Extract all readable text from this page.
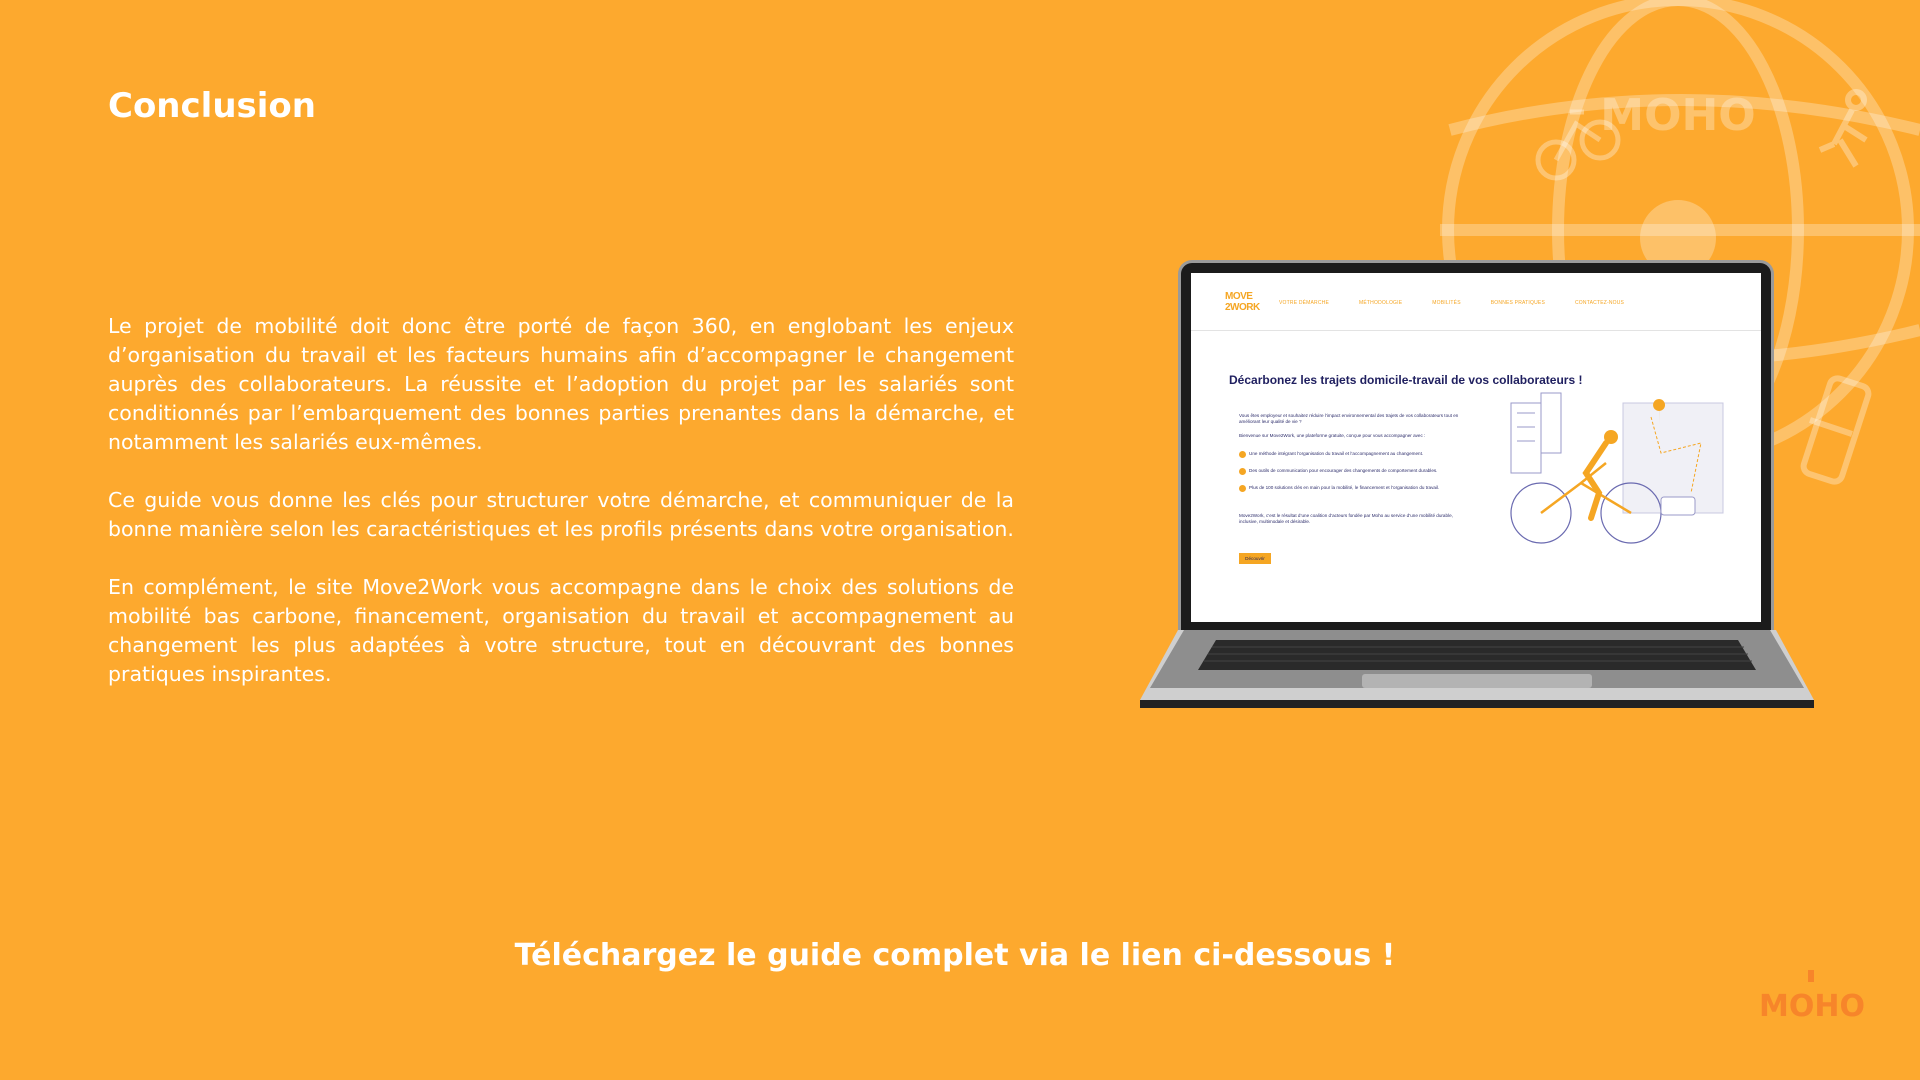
MOHO
Conclusion

Le projet de mobilité doit donc être porté de façon 360, en englobant les enjeux d’organisation du travail et les facteurs humains afin d’accompagner le changement auprès des collaborateurs. La réussite et l’adoption du projet par les salariés sont conditionnés par l’embarquement des bonnes parties prenantes dans la démarche, et notamment les salariés eux-mêmes.

Ce guide vous donne les clés pour structurer votre démarche, et communiquer de la bonne manière selon les caractéristiques et les profils présents dans votre organisation.

En complément, le site Move2Work vous accompagne dans le choix des solutions de mobilité bas carbone, financement, organisation du travail et accompagnement au changement les plus adaptées à votre structure, tout en découvrant des bonnes pratiques inspirantes.

MOVE
2WORK	VOTRE DÉMARCHE	MÉTHODOLOGIE	MOBILITÉS	BONNES PRATIQUES	CONTACTEZ-NOUS
Décarbonez les trajets domicile-travail de vos collaborateurs !
Vous êtes employeur et souhaitez réduire l’impact environnemental des trajets de vos collaborateurs tout en améliorant leur qualité de vie ?
Bienvenue sur Move2Work, une plateforme gratuite, conçue pour vous accompagner avec :
Une méthode intégrant l’organisation du travail et l’accompagnement au changement.
Des outils de communication pour encourager des changements de comportement durables.
Plus de 100 solutions clés en main pour la mobilité, le financement et l’organisation du travail.
Move2Work, c’est le résultat d’une coalition d’acteurs fondée par Moho au service d’une mobilité durable, inclusive, multimodale et désirable.
Découvrir
Téléchargez le guide complet via le lien ci-dessous !
MOHO
